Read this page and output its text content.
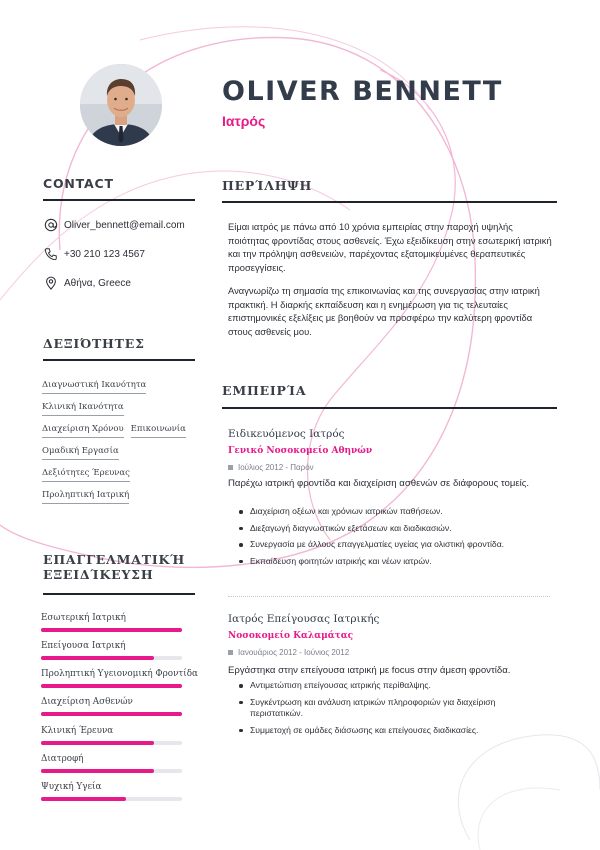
OLIVER BENNETT
Ιατρός
CONTACT
Oliver_bennett@email.com
+30 210 123 4567
Αθήνα, Greece
ΔΕΞΙΌΤΗΤΕΣ
Διαγνωστική Ικανότητα
Κλινική Ικανότητα
Διαχείριση Χρόνου Επικοινωνία
Ομαδική Εργασία
Δεξιότητες Έρευνας
Προληπτική Ιατρική
ΕΠΑΓΓΕΛΜΑΤΙΚΉ
ΕΞΕΙΔΊΚΕΥΣΗ
Εσωτερική Ιατρική
Επείγουσα Ιατρική
Προληπτική Υγειονομική Φροντίδα
Διαχείριση Ασθενών
Κλινική Έρευνα
Διατροφή
Ψυχική Υγεία
ΠΕΡΊΛΗΨΗ

Είμαι ιατρός με πάνω από 10 χρόνια εμπειρίας στην παροχή υψηλής ποιότητας φροντίδας στους ασθενείς. Έχω εξειδίκευση στην εσωτερική ιατρική και την πρόληψη ασθενειών, παρέχοντας εξατομικευμένες θεραπευτικές προσεγγίσεις.

Αναγνωρίζω τη σημασία της επικοινωνίας και της συνεργασίας στην ιατρική πρακτική. Η διαρκής εκπαίδευση και η ενημέρωση για τις τελευταίες επιστημονικές εξελίξεις με βοηθούν να προσφέρω την καλύτερη φροντίδα στους ασθενείς μου.

ΕΜΠΕΙΡΊΑ
Ειδικευόμενος Ιατρός
Γενικό Νοσοκομείο Αθηνών
Ιούλιος 2012 - Παρόν
Παρέχω ιατρική φροντίδα και διαχείριση ασθενών σε διάφορους τομείς.
Διαχείριση οξέων και χρόνιων ιατρικών παθήσεων.
Διεξαγωγή διαγνωστικών εξετάσεων και διαδικασιών.
Συνεργασία με άλλους επαγγελματίες υγείας για ολιστική φροντίδα.
Εκπαίδευση φοιτητών ιατρικής και νέων ιατρών.
Ιατρός Επείγουσας Ιατρικής
Νοσοκομείο Καλαμάτας
Ιανουάριος 2012 - Ιούνιος 2012
Εργάστηκα στην επείγουσα ιατρική με focus στην άμεση φροντίδα.
Αντιμετώπιση επείγουσας ιατρικής περίθαλψης.
Συγκέντρωση και ανάλυση ιατρικών πληροφοριών για διαχείριση περιστατικών.
Συμμετοχή σε ομάδες διάσωσης και επείγουσες διαδικασίες.
